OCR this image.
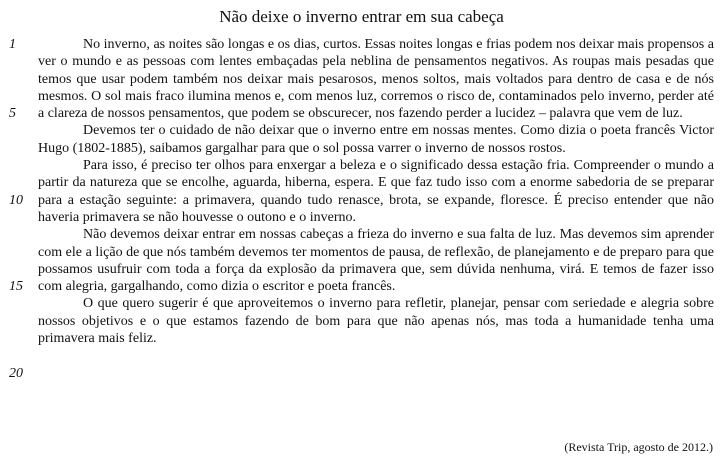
Não deixe o inverno entrar em sua cabeça
1
5
10
15
20

No inverno, as noites são longas e os dias, curtos. Essas noites longas e frias podem nos deixar mais propensos a ver o mundo e as pessoas com lentes embaçadas pela neblina de pensamentos negativos. As roupas mais pesadas que temos que usar podem também nos deixar mais pesarosos, menos soltos, mais voltados para dentro de casa e de nós mesmos. O sol mais fraco ilumina menos e, com menos luz, corremos o risco de, contaminados pelo inverno, perder até a clareza de nossos pensamentos, que podem se obscurecer, nos fazendo perder a lucidez – palavra que vem de luz.

Devemos ter o cuidado de não deixar que o inverno entre em nossas mentes. Como dizia o poeta francês Victor Hugo (1802-1885), saibamos gargalhar para que o sol possa varrer o inverno de nossos rostos.

Para isso, é preciso ter olhos para enxergar a beleza e o significado dessa estação fria. Compreender o mundo a partir da natureza que se encolhe, aguarda, hiberna, espera. E que faz tudo isso com a enorme sabedoria de se preparar para a estação seguinte: a primavera, quando tudo renasce, brota, se expande, floresce. É preciso entender que não haveria primavera se não houvesse o outono e o inverno.

Não devemos deixar entrar em nossas cabeças a frieza do inverno e sua falta de luz. Mas devemos sim aprender com ele a lição de que nós também devemos ter momentos de pausa, de reflexão, de planejamento e de preparo para que possamos usufruir com toda a força da explosão da primavera que, sem dúvida nenhuma, virá. E temos de fazer isso com alegria, gargalhando, como dizia o escritor e poeta francês.

O que quero sugerir é que aproveitemos o inverno para refletir, planejar, pensar com seriedade e alegria sobre nossos objetivos e o que estamos fazendo de bom para que não apenas nós, mas toda a humanidade tenha uma primavera mais feliz.

(Revista Trip, agosto de 2012.)
